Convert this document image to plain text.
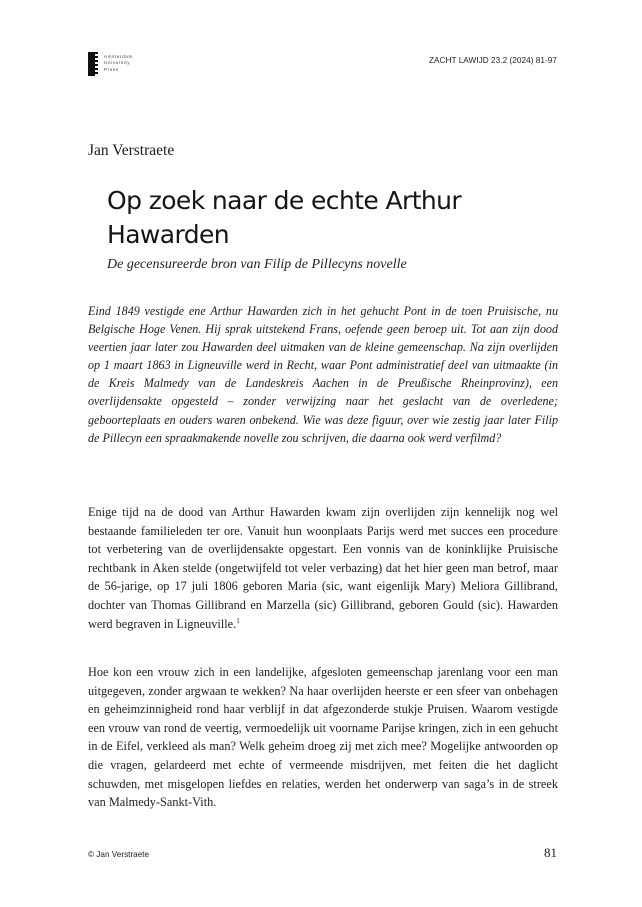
Amsterdam
University
Press
ZACHT LAWIJD 23.2 (2024) 81-97
Jan Verstraete
Op zoek naar de echte Arthur Hawarden
De gecensureerde bron van Filip de Pillecyns novelle

Eind 1849 vestigde ene Arthur Hawarden zich in het gehucht Pont in de toen Pruisische, nu Belgische Hoge Venen. Hij sprak uitstekend Frans, oefende geen beroep uit. Tot aan zijn dood veertien jaar later zou Hawarden deel uitmaken van de kleine gemeenschap. Na zijn overlijden op 1 maart 1863 in Ligneuville werd in Recht, waar Pont administratief deel van uitmaakte (in de Kreis Malmedy van de Landeskreis Aachen in de Preußische Rheinprovinz), een overlijdensakte opgesteld – zonder verwijzing naar het geslacht van de overledene; geboorteplaats en ouders waren onbekend. Wie was deze figuur, over wie zestig jaar later Filip de Pillecyn een spraakmakende novelle zou schrijven, die daarna ook werd verfilmd?

Enige tijd na de dood van Arthur Hawarden kwam zijn overlijden zijn kennelijk nog wel bestaande familieleden ter ore. Vanuit hun woonplaats Parijs werd met succes een procedure tot verbetering van de overlijdensakte opgestart. Een vonnis van de koninklijke Pruisische rechtbank in Aken stelde (ongetwijfeld tot veler verbazing) dat het hier geen man betrof, maar de 56-jarige, op 17 juli 1806 geboren Maria (sic, want eigenlijk Mary) Meliora Gillibrand, dochter van Thomas Gillibrand en Marzella (sic) Gillibrand, geboren Gould (sic). Hawarden werd begraven in Ligneuville.$^1$

Hoe kon een vrouw zich in een landelijke, afgesloten gemeenschap jarenlang voor een man uitgegeven, zonder argwaan te wekken? Na haar overlijden heerste er een sfeer van onbehagen en geheimzinnigheid rond haar verblijf in dat afgezonderde stukje Pruisen. Waarom vestigde een vrouw van rond de veertig, vermoedelijk uit voorname Parijse kringen, zich in een gehucht in de Eifel, verkleed als man? Welk geheim droeg zij met zich mee? Mogelijke antwoorden op die vragen, gelardeerd met echte of vermeende misdrijven, met feiten die het daglicht schuwden, met misgelopen liefdes en relaties, werden het onderwerp van saga’s in de streek van Malmedy-Sankt-Vith.

© Jan Verstraete	81
